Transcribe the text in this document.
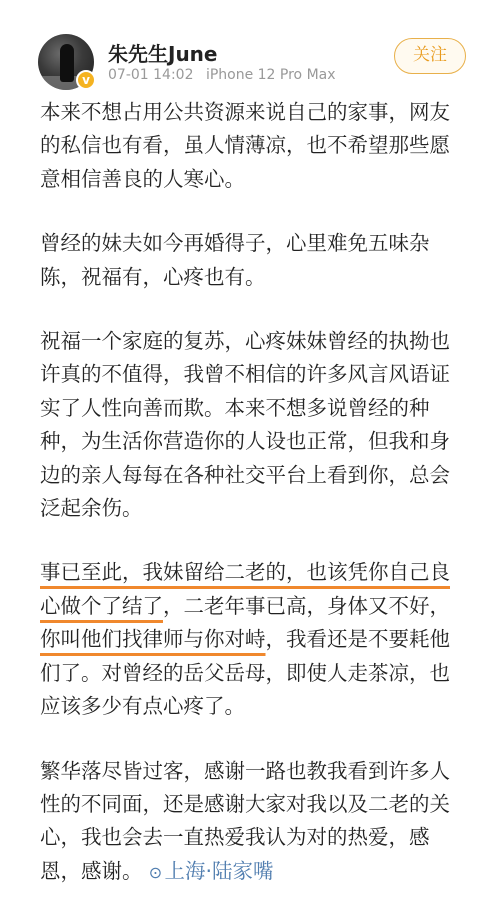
v
朱先生June
07-01 14:02 iPhone 12 Pro Max
关注

本来不想占用公共资源来说自己的家事，网友的私信也有看，虽人情薄凉，也不希望那些愿意相信善良的人寒心。

曾经的妹夫如今再婚得子，心里难免五味杂陈，祝福有，心疼也有。

祝福一个家庭的复苏，心疼妹妹曾经的执拗也许真的不值得，我曾不相信的许多风言风语证实了人性向善而欺。本来不想多说曾经的种种，为生活你营造你的人设也正常，但我和身边的亲人每每在各种社交平台上看到你，总会泛起余伤。

事已至此，我妹留给二老的，也该凭你自己良心做个了结了，二老年事已高，身体又不好，你叫他们找律师与你对峙，我看还是不要耗他们了。对曾经的岳父岳母，即使人走茶凉，也应该多少有点心疼了。

繁华落尽皆过客，感谢一路也教我看到许多人性的不同面，还是感谢大家对我以及二老的关心，我也会去一直热爱我认为对的热爱，感恩，感谢。 ⊙ 上海·陆家嘴
